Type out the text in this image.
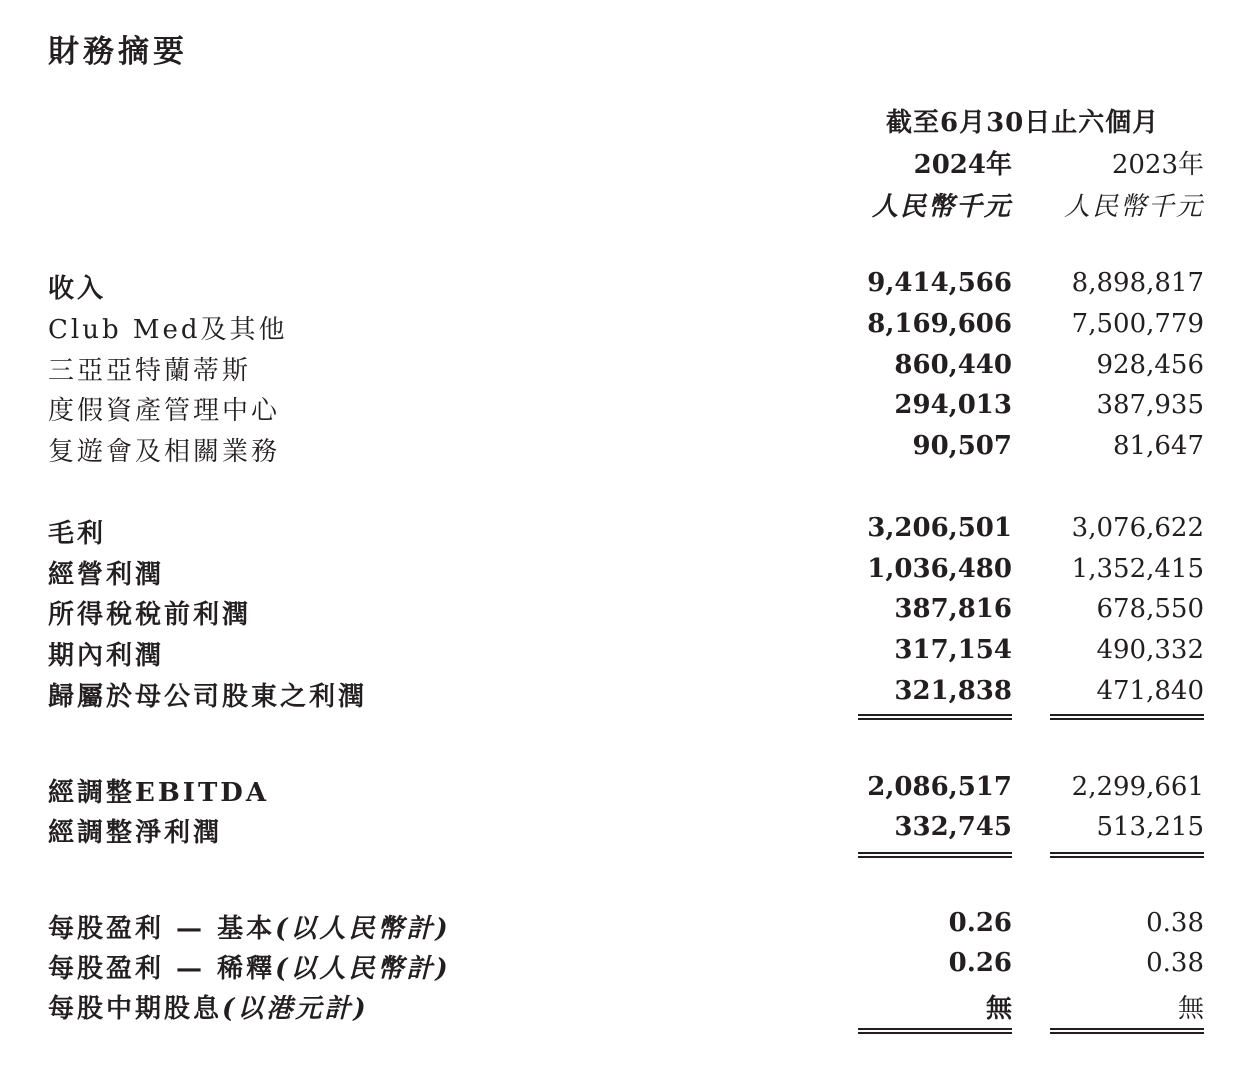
財務摘要
截至6月30日止六個月
2024年	2023年
人民幣千元 人民幣千元
收入	9,414,566 8,898,817
Club Med及其他	8,169,606 7,500,779
三亞亞特蘭蒂斯	860,440	928,456
度假資產管理中心	294,013	387,935
复遊會及相關業務	90,507	81,647
毛利	3,206,501 3,076,622
經營利潤	1,036,480 1,352,415
所得稅稅前利潤	387,816	678,550
期內利潤	317,154	490,332
歸屬於母公司股東之利潤	321,838	471,840
經調整EBITDA	2,086,517 2,299,661
經調整淨利潤	332,745	513,215
每股盈利 — 基本(以人民幣計)	0.26	0.38
每股盈利 — 稀釋(以人民幣計)	0.26	0.38
每股中期股息(以港元計)	無	無
